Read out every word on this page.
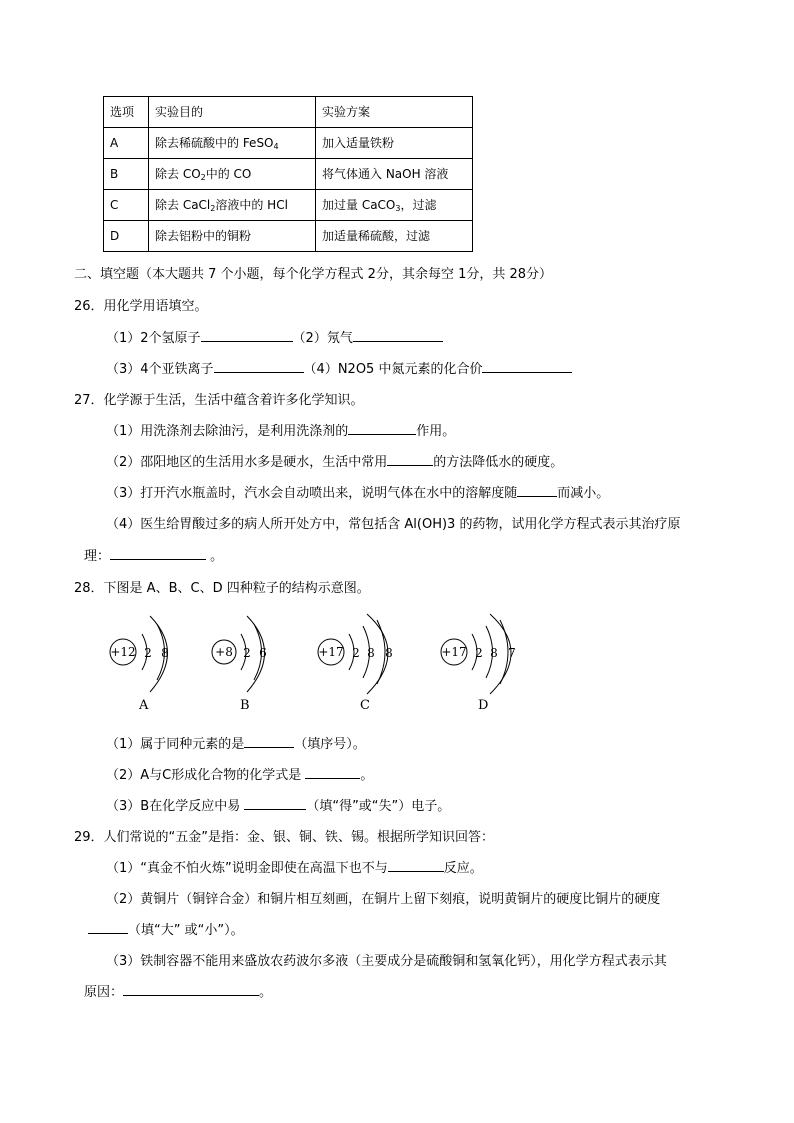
选项	实验目的	实验方案
A	除去稀硫酸中的 FeSO$_4$	加入适量铁粉
B	除去 $CO_2$中的 CO	将气体通入 NaOH 溶液
C	除去 CaCl$_2$溶液中的 HCl	加过量 CaCO$_3$，过滤
D	除去铝粉中的铜粉	加适量稀硫酸，过滤
二、填空题（本大题共 7 个小题，每个化学方程式 2分，其余每空 1分，共 28分）
26．用化学用语填空。
（1）2个氢原子	（2）氖气
（3）4个亚铁离子	（4）N2O5 中氮元素的化合价
27．化学源于生活，生活中蕴含着许多化学知识。
（1）用洗涤剂去除油污，是利用洗涤剂的	作用。
（2）邵阳地区的生活用水多是硬水，生活中常用	的方法降低水的硬度。
（3）打开汽水瓶盖时，汽水会自动喷出来，说明气体在水中的溶解度随	而减小。
（4）医生给胃酸过多的病人所开处方中，常包括含 Al(OH)3 的药物，试用化学方程式表示其治疗原
理：	。
28．下图是 A、B、C、D 四种粒子的结构示意图。
+12 2 8
A
+8 2 6
B
+17 2 8 8
C
+17 2 8 7
D
（1）属于同种元素的是	（填序号）。
（2）A与C形成化合物的化学式是	。
（3）B在化学反应中易	（填“得”或“失”）电子。
29．人们常说的“五金”是指：金、银、铜、铁、锡。根据所学知识回答：
（1）“真金不怕火炼”说明金即使在高温下也不与	反应。
（2）黄铜片（铜锌合金）和铜片相互刻画，在铜片上留下刻痕，说明黄铜片的硬度比铜片的硬度
（填“大” 或“小”）。
（3）铁制容器不能用来盛放农药波尔多液（主要成分是硫酸铜和氢氧化钙），用化学方程式表示其
原因：	。
